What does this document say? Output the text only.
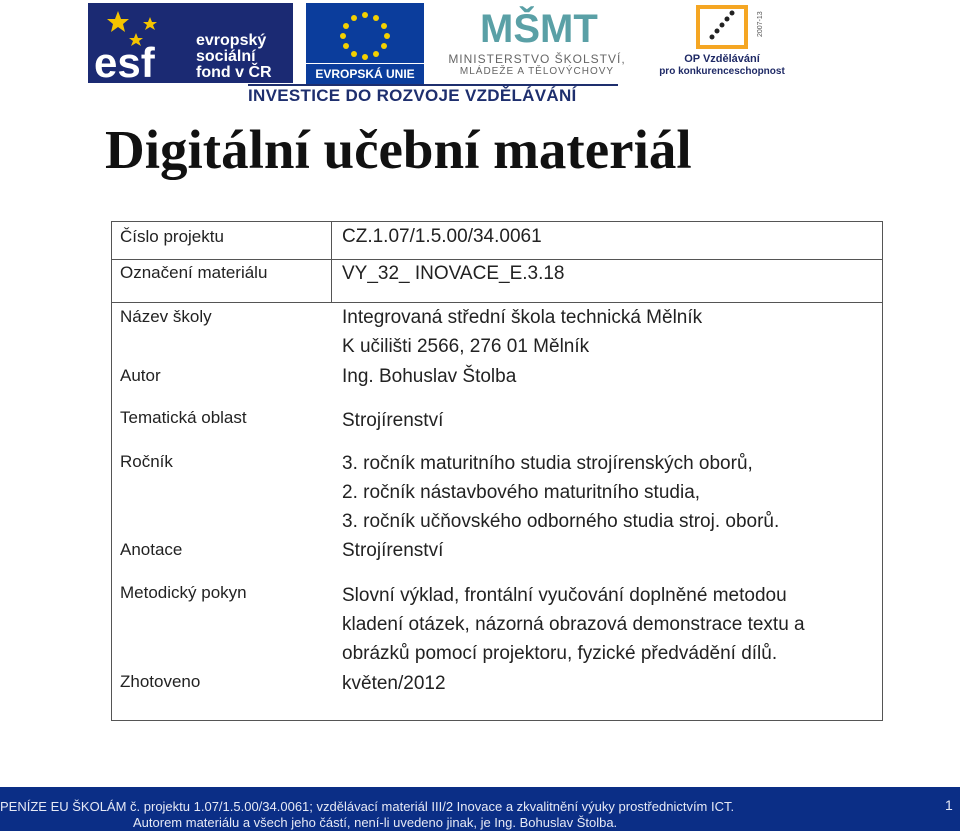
esf	evropský
sociální
fond v ČR	EVROPSKÁ UNIE
MŠMT
MINISTERSTVO ŠKOLSTVÍ,
MLÁDEŽE A TĚLOVÝCHOVY
2007-13
OP Vzdělávání
pro konkurenceschopnost
INVESTICE DO ROZVOJE VZDĚLÁVÁNÍ
Digitální učební materiál
Číslo projektu
Označení materiálu
Název školy
Autor
Tematická oblast
Ročník
Anotace
Metodický pokyn
Zhotoveno
CZ.1.07/1.5.00/34.0061
VY_32_ INOVACE_E.3.18
Integrovaná střední škola technická Mělník
K učilišti 2566, 276 01 Mělník
Ing. Bohuslav Štolba
Strojírenství
3. ročník maturitního studia strojírenských oborů,
2. ročník nástavbového maturitního studia,
3. ročník učňovského odborného studia stroj. oborů.
Strojírenství
Slovní výklad, frontální vyučování doplněné metodou
kladení otázek, názorná obrazová demonstrace textu a
obrázků pomocí projektoru, fyzické předvádění dílů.
květen/2012
PENÍZE EU ŠKOLÁM č. projektu 1.07/1.5.00/34.0061; vzdělávací materiál III/2 Inovace a zkvalitnění výuky prostřednictvím ICT.
Autorem materiálu a všech jeho částí, není-li uvedeno jinak, je Ing. Bohuslav Štolba.
1
